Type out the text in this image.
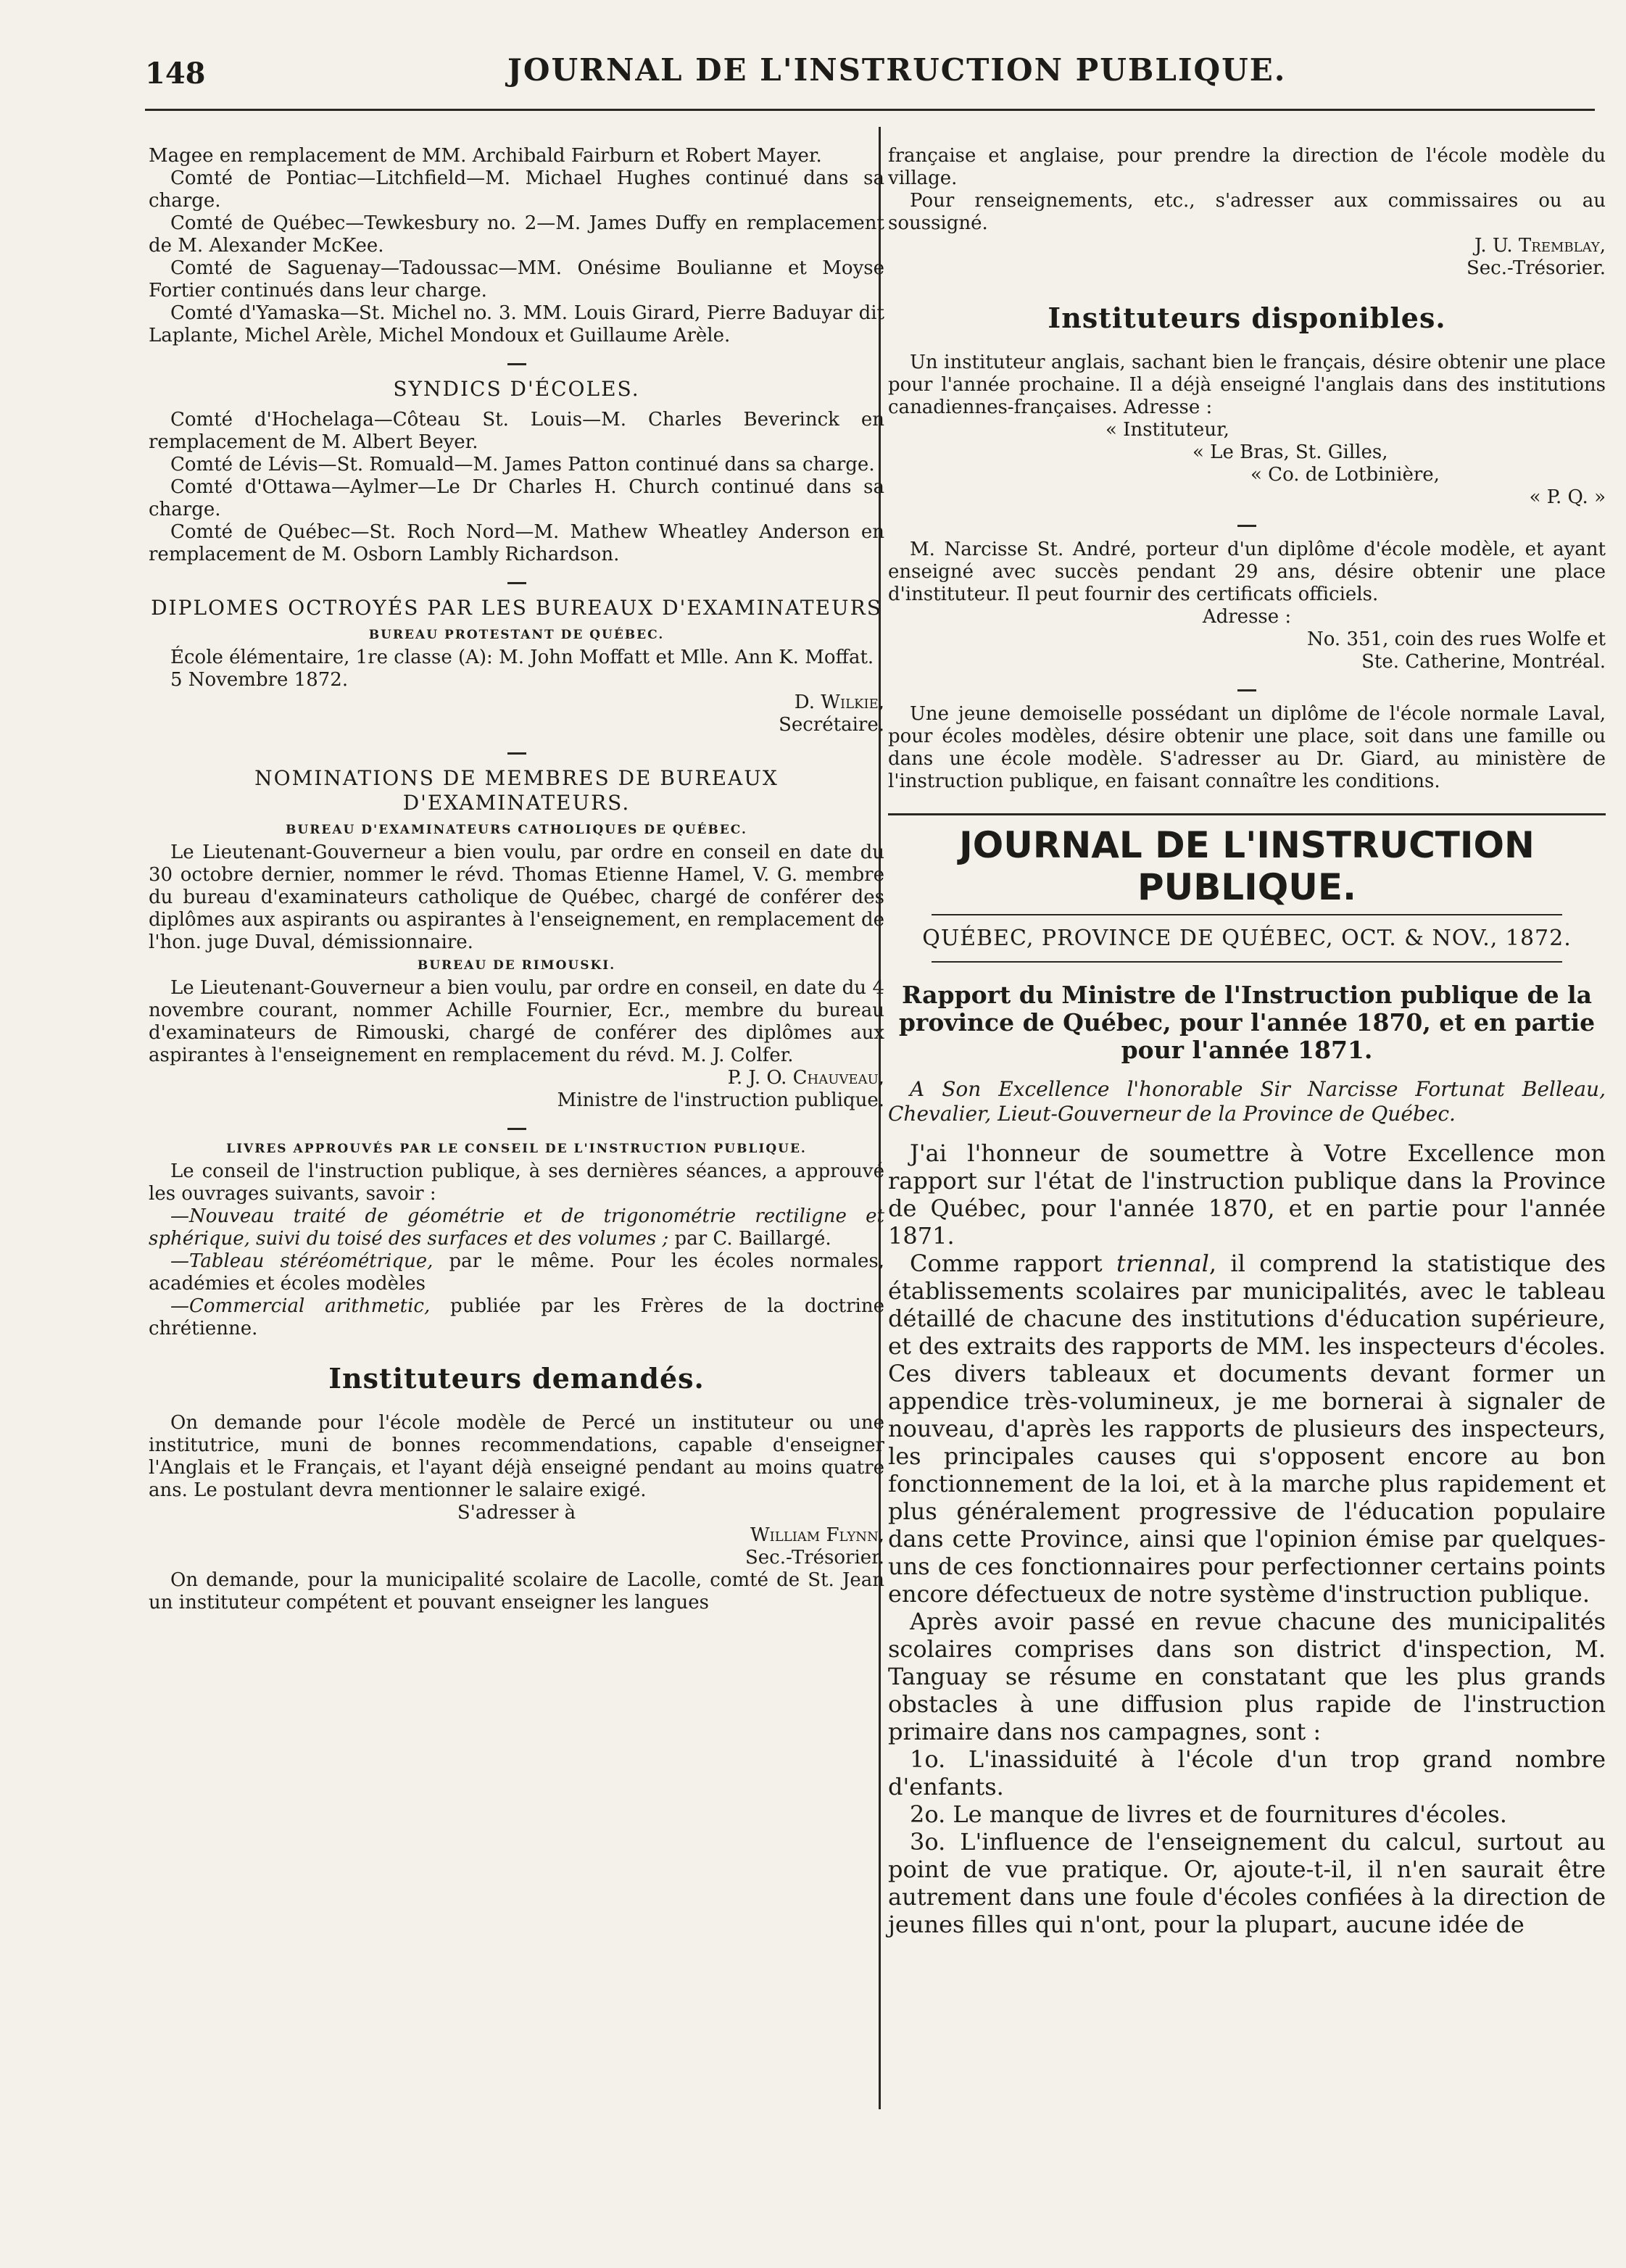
148	JOURNAL DE L'INSTRUCTION PUBLIQUE.

Magee en remplacement de MM. Archibald Fairburn et Robert Mayer.

Comté de Pontiac—Litchfield—M. Michael Hughes continué dans sa charge.

Comté de Québec—Tewkesbury no. 2—M. James Duffy en remplacement de M. Alexander McKee.

Comté de Saguenay—Tadoussac—MM. Onésime Boulianne et Moyse Fortier continués dans leur charge.

Comté d'Yamaska—St. Michel no. 3. MM. Louis Girard, Pierre Baduyar dit Laplante, Michel Arèle, Michel Mondoux et Guillaume Arèle.

SYNDICS D'ÉCOLES.

Comté d'Hochelaga—Côteau St. Louis—M. Charles Beverinck en remplacement de M. Albert Beyer.

Comté de Lévis—St. Romuald—M. James Patton continué dans sa charge.

Comté d'Ottawa—Aylmer—Le Dr Charles H. Church continué dans sa charge.

Comté de Québec—St. Roch Nord—M. Mathew Wheatley Anderson en remplacement de M. Osborn Lambly Richardson.

DIPLOMES OCTROYÉS PAR LES BUREAUX D'EXAMINATEURS
BUREAU PROTESTANT DE QUÉBEC.

École élémentaire, 1re classe (A): M. John Moffatt et Mlle. Ann K. Moffat.

5 Novembre 1872.

D. Wilkie,

Secrétaire.

NOMINATIONS DE MEMBRES DE BUREAUX D'EXAMINATEURS.
BUREAU D'EXAMINATEURS CATHOLIQUES DE QUÉBEC.

Le Lieutenant-Gouverneur a bien voulu, par ordre en conseil en date du 30 octobre dernier, nommer le révd. Thomas Etienne Hamel, V. G. membre du bureau d'examinateurs catholique de Québec, chargé de conférer des diplômes aux aspirants ou aspirantes à l'enseignement, en remplacement de l'hon. juge Duval, démissionnaire.

BUREAU DE RIMOUSKI.

Le Lieutenant-Gouverneur a bien voulu, par ordre en conseil, en date du 4 novembre courant, nommer Achille Fournier, Ecr., membre du bureau d'examinateurs de Rimouski, chargé de conférer des diplômes aux aspirantes à l'enseignement en remplacement du révd. M. J. Colfer.

P. J. O. Chauveau,

Ministre de l'instruction publique.

LIVRES APPROUVÉS PAR LE CONSEIL DE L'INSTRUCTION PUBLIQUE.

Le conseil de l'instruction publique, à ses dernières séances, a approuvé les ouvrages suivants, savoir :

—Nouveau traité de géométrie et de trigonométrie rectiligne et sphérique, suivi du toisé des surfaces et des volumes ; par C. Baillargé.

—Tableau stéréométrique, par le même. Pour les écoles normales, académies et écoles modèles

—Commercial arithmetic, publiée par les Frères de la doctrine chrétienne.

Instituteurs demandés.

On demande pour l'école modèle de Percé un instituteur ou une institutrice, muni de bonnes recommendations, capable d'enseigner l'Anglais et le Français, et l'ayant déjà enseigné pendant au moins quatre ans. Le postulant devra mentionner le salaire exigé.

S'adresser à

William Flynn,

Sec.-Trésorier.

On demande, pour la municipalité scolaire de Lacolle, comté de St. Jean un instituteur compétent et pouvant enseigner les langues

française et anglaise, pour prendre la direction de l'école modèle du village.

Pour renseignements, etc., s'adresser aux commissaires ou au soussigné.

J. U. Tremblay,

Sec.-Trésorier.

Instituteurs disponibles.

Un instituteur anglais, sachant bien le français, désire obtenir une place pour l'année prochaine. Il a déjà enseigné l'anglais dans des institutions canadiennes-françaises. Adresse :

« Instituteur,

« Le Bras, St. Gilles,

« Co. de Lotbinière,

« P. Q. »

M. Narcisse St. André, porteur d'un diplôme d'école modèle, et ayant enseigné avec succès pendant 29 ans, désire obtenir une place d'instituteur. Il peut fournir des certificats officiels.

Adresse :

No. 351, coin des rues Wolfe et

Ste. Catherine, Montréal.

Une jeune demoiselle possédant un diplôme de l'école normale Laval, pour écoles modèles, désire obtenir une place, soit dans une famille ou dans une école modèle. S'adresser au Dr. Giard, au ministère de l'instruction publique, en faisant connaître les conditions.

JOURNAL DE L'INSTRUCTION PUBLIQUE.
QUÉBEC, PROVINCE DE QUÉBEC, OCT. & NOV., 1872.
Rapport du Ministre de l'Instruction publique de la province de Québec, pour l'année 1870, et en partie pour l'année 1871.

A Son Excellence l'honorable Sir Narcisse Fortunat Belleau, Chevalier, Lieut-Gouverneur de la Province de Québec.

J'ai l'honneur de soumettre à Votre Excellence mon rapport sur l'état de l'instruction publique dans la Province de Québec, pour l'année 1870, et en partie pour l'année 1871.

Comme rapport triennal, il comprend la statistique des établissements scolaires par municipalités, avec le tableau détaillé de chacune des institutions d'éducation supérieure, et des extraits des rapports de MM. les inspecteurs d'écoles. Ces divers tableaux et documents devant former un appendice très-volumineux, je me bornerai à signaler de nouveau, d'après les rapports de plusieurs des inspecteurs, les principales causes qui s'opposent encore au bon fonctionnement de la loi, et à la marche plus rapidement et plus généralement progressive de l'éducation populaire dans cette Province, ainsi que l'opinion émise par quelques-uns de ces fonctionnaires pour perfectionner certains points encore défectueux de notre système d'instruction publique.

Après avoir passé en revue chacune des municipalités scolaires comprises dans son district d'inspection, M. Tanguay se résume en constatant que les plus grands obstacles à une diffusion plus rapide de l'instruction primaire dans nos campagnes, sont :

1o. L'inassiduité à l'école d'un trop grand nombre d'enfants.

2o. Le manque de livres et de fournitures d'écoles.

3o. L'influence de l'enseignement du calcul, surtout au point de vue pratique. Or, ajoute-t-il, il n'en saurait être autrement dans une foule d'écoles confiées à la direction de jeunes filles qui n'ont, pour la plupart, aucune idée de
